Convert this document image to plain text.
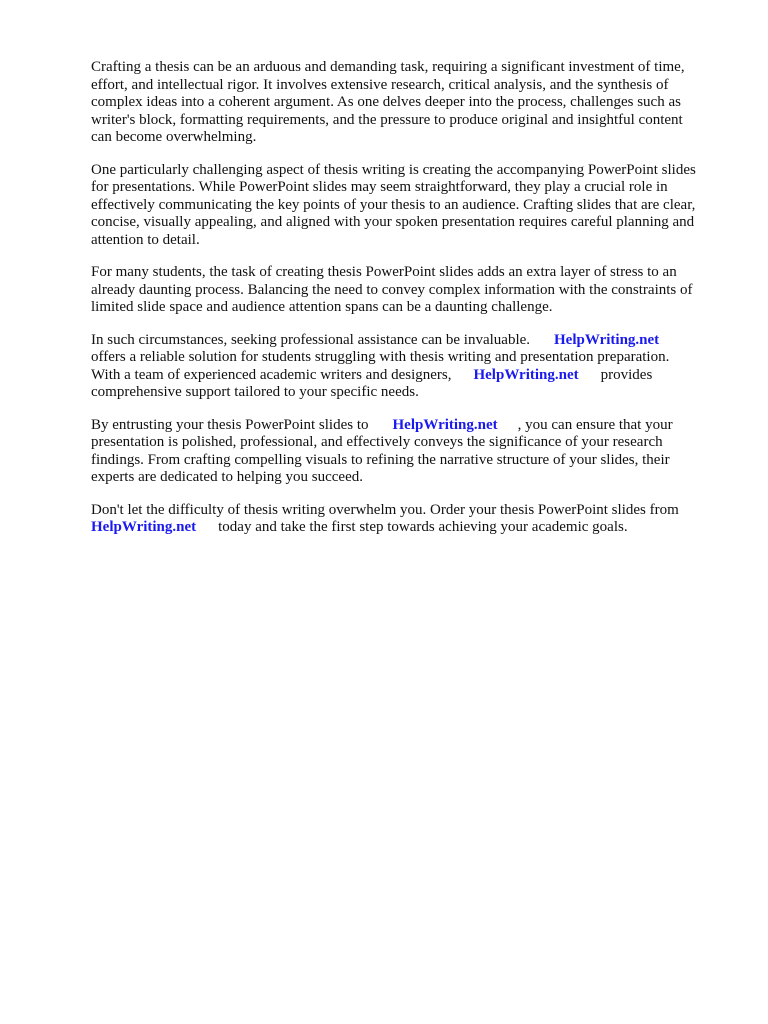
Crafting a thesis can be an arduous and demanding task, requiring a significant investment of time,
effort, and intellectual rigor. It involves extensive research, critical analysis, and the synthesis of
complex ideas into a coherent argument. As one delves deeper into the process, challenges such as
writer's block, formatting requirements, and the pressure to produce original and insightful content
can become overwhelming.

One particularly challenging aspect of thesis writing is creating the accompanying PowerPoint slides
for presentations. While PowerPoint slides may seem straightforward, they play a crucial role in
effectively communicating the key points of your thesis to an audience. Crafting slides that are clear,
concise, visually appealing, and aligned with your spoken presentation requires careful planning and
attention to detail.

For many students, the task of creating thesis PowerPoint slides adds an extra layer of stress to an
already daunting process. Balancing the need to convey complex information with the constraints of
limited slide space and audience attention spans can be a daunting challenge.

In such circumstances, seeking professional assistance can be invaluable. HelpWriting.net
offers a reliable solution for students struggling with thesis writing and presentation preparation.
With a team of experienced academic writers and designers, HelpWriting.net provides
comprehensive support tailored to your specific needs.

By entrusting your thesis PowerPoint slides to HelpWriting.net , you can ensure that your
presentation is polished, professional, and effectively conveys the significance of your research
findings. From crafting compelling visuals to refining the narrative structure of your slides, their
experts are dedicated to helping you succeed.

Don't let the difficulty of thesis writing overwhelm you. Order your thesis PowerPoint slides from
HelpWriting.net today and take the first step towards achieving your academic goals.
